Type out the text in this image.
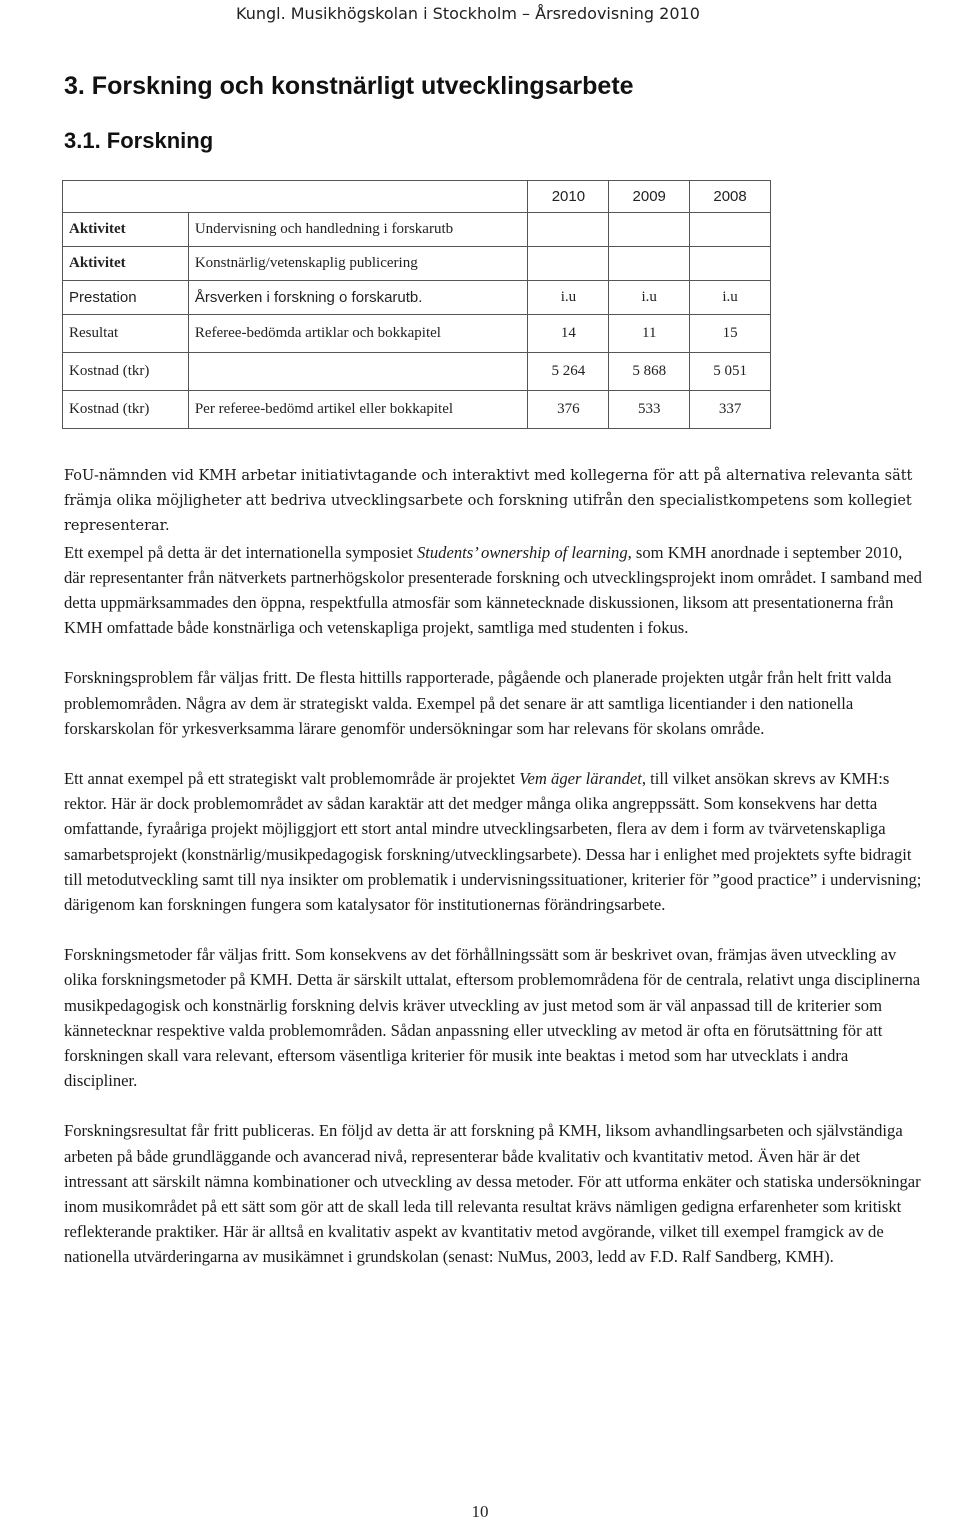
Kungl. Musikhögskolan i Stockholm – Årsredovisning 2010
3. Forskning och konstnärligt utvecklingsarbete
3.1. Forskning
		2010	2009	2008
Aktivitet	Undervisning och handledning i forskarutb			
Aktivitet	Konstnärlig/vetenskaplig publicering			
Prestation	Årsverken i forskning o forskarutb.	i.u	i.u	i.u
Resultat	Referee-bedömda artiklar och bokkapitel	14	11	15
Kostnad (tkr)		5 264	5 868	5 051
Kostnad (tkr)	Per referee-bedömd artikel eller bokkapitel	376	533	337

FoU-nämnden vid KMH arbetar initiativtagande och interaktivt med kollegerna för att på alternativa relevanta sätt främja olika möjligheter att bedriva utvecklingsarbete och forskning utifrån den specialistkompetens som kollegiet representerar.

Ett exempel på detta är det internationella symposiet Students’ ownership of learning, som KMH anordnade i september 2010, där representanter från nätverkets partnerhögskolor presenterade forskning och utvecklingsprojekt inom området. I samband med detta uppmärksammades den öppna, respektfulla atmosfär som kännetecknade diskussionen, liksom att presentationerna från KMH omfattade både konstnärliga och vetenskapliga projekt, samtliga med studenten i fokus.

Forskningsproblem får väljas fritt. De flesta hittills rapporterade, pågående och planerade projekten utgår från helt fritt valda problemområden. Några av dem är strategiskt valda. Exempel på det senare är att samtliga licentiander i den nationella forskarskolan för yrkesverksamma lärare genomför undersökningar som har relevans för skolans område.

Ett annat exempel på ett strategiskt valt problemområde är projektet Vem äger lärandet, till vilket ansökan skrevs av KMH:s rektor. Här är dock problemområdet av sådan karaktär att det medger många olika angreppssätt. Som konsekvens har detta omfattande, fyraåriga projekt möjliggjort ett stort antal mindre utvecklingsarbeten, flera av dem i form av tvärvetenskapliga samarbetsprojekt (konstnärlig/musikpedagogisk forskning/utvecklingsarbete). Dessa har i enlighet med projektets syfte bidragit till metodutveckling samt till nya insikter om problematik i undervisningssituationer, kriterier för ”good practice” i undervisning; därigenom kan forskningen fungera som katalysator för institutionernas förändringsarbete.

Forskningsmetoder får väljas fritt. Som konsekvens av det förhållningssätt som är beskrivet ovan, främjas även utveckling av olika forskningsmetoder på KMH. Detta är särskilt uttalat, eftersom problemområdena för de centrala, relativt unga disciplinerna musikpedagogisk och konstnärlig forskning delvis kräver utveckling av just metod som är väl anpassad till de kriterier som kännetecknar respektive valda problemområden. Sådan anpassning eller utveckling av metod är ofta en förutsättning för att forskningen skall vara relevant, eftersom väsentliga kriterier för musik inte beaktas i metod som har utvecklats i andra discipliner.

Forskningsresultat får fritt publiceras. En följd av detta är att forskning på KMH, liksom avhandlingsarbeten och självständiga arbeten på både grundläggande och avancerad nivå, representerar både kvalitativ och kvantitativ metod. Även här är det intressant att särskilt nämna kombinationer och utveckling av dessa metoder. För att utforma enkäter och statiska undersökningar inom musikområdet på ett sätt som gör att de skall leda till relevanta resultat krävs nämligen gedigna erfarenheter som kritiskt reflekterande praktiker. Här är alltså en kvalitativ aspekt av kvantitativ metod avgörande, vilket till exempel framgick av de nationella utvärderingarna av musikämnet i grundskolan (senast: NuMus, 2003, ledd av F.D. Ralf Sandberg, KMH).

10
